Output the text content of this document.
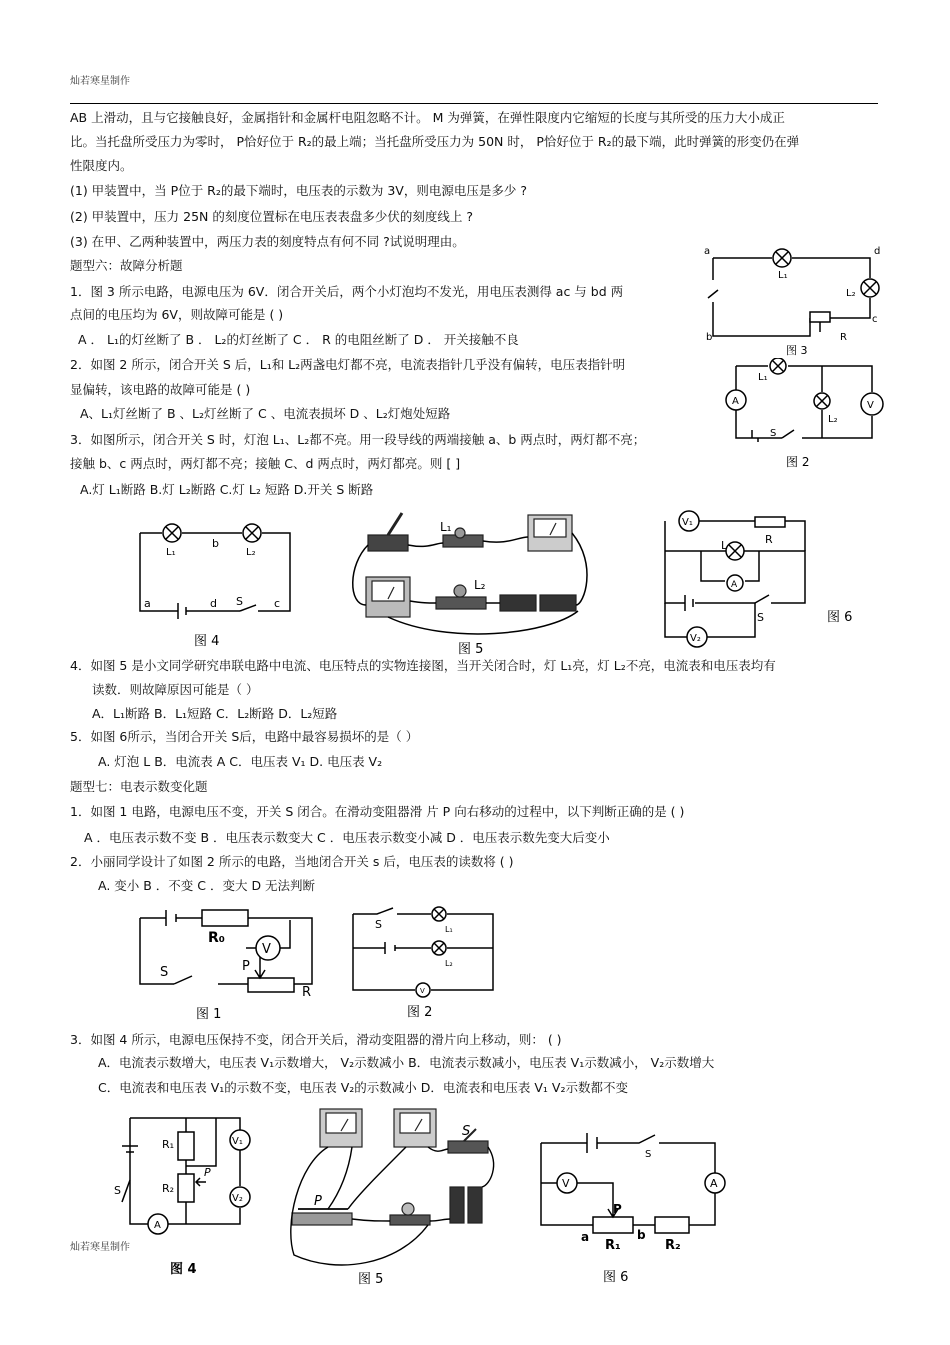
灿若寒星制作
AB 上滑动，且与它接触良好，金属指针和金属杆电阻忽略不计。 M 为弹簧，在弹性限度内它缩短的长度与其所受的压力大小成正
比。当托盘所受压力为零时， P恰好位于 R₂的最上端；当托盘所受压力为 50N 时， P恰好位于 R₂的最下端，此时弹簧的形变仍在弹
性限度内。
(1) 甲装置中，当 P位于 R₂的最下端时，电压表的示数为 3V，则电源电压是多少 ?
(2) 甲装置中，压力 25N 的刻度位置标在电压表表盘多少伏的刻度线上 ?
(3) 在甲、乙两种装置中，两压力表的刻度特点有何不同 ?试说明理由。
题型六：故障分析题
1．图 3 所示电路，电源电压为 6V．闭合开关后，两个小灯泡均不发光，用电压表测得 ac 与 bd 两
点间的电压均为 6V，则故障可能是 ( )
A ． L₁的灯丝断了 B ． L₂的灯丝断了 C ． R 的电阻丝断了 D ． 开关接触不良
2．如图 2 所示，闭合开关 S 后，L₁和 L₂两盏电灯都不亮，电流表指针几乎没有偏转，电压表指针明
显偏转，该电路的故障可能是 ( )
A、L₁灯丝断了 B 、L₂灯丝断了 C 、电流表损坏 D 、L₂灯炮处短路
3．如图所示，闭合开关 S 时，灯泡 L₁、L₂都不亮。用一段导线的两端接触 a、b 两点时，两灯都不亮；
接触 b、c 两点时，两灯都不亮；接触 C、d 两点时，两灯都亮。则 [ ]
A.灯 L₁断路 B.灯 L₂断路 C.灯 L₂ 短路 D.开关 S 断路
4．如图 5 是小文同学研究串联电路中电流、电压特点的实物连接图，当开关闭合时，灯 L₁亮，灯 L₂不亮，电流表和电压表均有
读数．则故障原因可能是（ ）
A．L₁断路 B．L₁短路 C．L₂断路 D．L₂短路
5．如图 6所示，当闭合开关 S后，电路中最容易损坏的是（ ）
A. 灯泡 L B．电流表 A C．电压表 V₁ D. 电压表 V₂
题型七：电表示数变化题
1．如图 1 电路，电源电压不变，开关 S 闭合。在滑动变阻器滑 片 P 向右移动的过程中，以下判断正确的是 ( )
A ．电压表示数不变 B ．电压表示数变大 C ．电压表示数变小减 D ．电压表示数先变大后变小
2．小丽同学设计了如图 2 所示的电路，当地闭合开关 s 后，电压表的读数将 ( )
A. 变小 B ．不变 C ．变大 D 无法判断
3．如图 4 所示，电源电压保持不变，闭合开关后，滑动变阻器的滑片向上移动，则： ( )
A．电流表示数增大，电压表 V₁示数增大， V₂示数减小 B．电流表示数减小，电压表 V₁示数减小， V₂示数增大
C．电流表和电压表 V₁的示数不变，电压表 V₂的示数减小 D．电流表和电压表 V₁ V₂示数都不变
灿若寒星制作
a
b
d
c
L₁
L₂
R
图 3
A	V
L₁
L₂
S
图 2
L₁	L₂
b
a	d S	c
图 4
L₁
L₂
图 5
V₁
V₂
L	R
A
S	图 6
R₀
V
S	P
R
图 1
S	L₁
L₂
V
图 2
R₁
R₂
V₁
V₂
S
P
A
图 4
P
S
图 5
V	A
S
P
a	b
R₁	R₂
图 6
